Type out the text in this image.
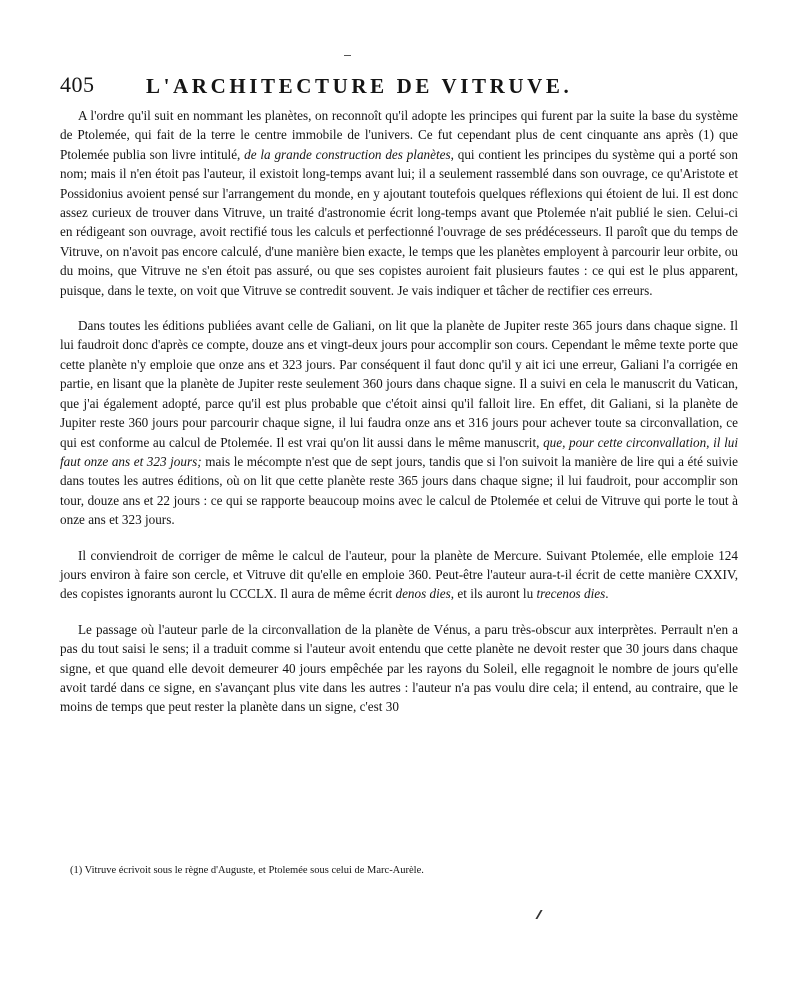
405 L'ARCHITECTURE DE VITRUVE.

A l'ordre qu'il suit en nommant les planètes, on reconnoît qu'il adopte les principes qui furent par la suite la base du système de Ptolemée, qui fait de la terre le centre immobile de l'univers. Ce fut cependant plus de cent cinquante ans après (1) que Ptolemée publia son livre intitulé, de la grande construction des planètes, qui contient les principes du système qui a porté son nom; mais il n'en étoit pas l'auteur, il existoit long-temps avant lui; il a seulement rassemblé dans son ouvrage, ce qu'Aristote et Possidonius avoient pensé sur l'arrangement du monde, en y ajoutant toutefois quelques réflexions qui étoient de lui. Il est donc assez curieux de trouver dans Vitruve, un traité d'astronomie écrit long-temps avant que Ptolemée n'ait publié le sien. Celui-ci en rédigeant son ouvrage, avoit rectifié tous les calculs et perfectionné l'ouvrage de ses prédécesseurs. Il paroît que du temps de Vitruve, on n'avoit pas encore calculé, d'une manière bien exacte, le temps que les planètes employent à parcourir leur orbite, ou du moins, que Vitruve ne s'en étoit pas assuré, ou que ses copistes auroient fait plusieurs fautes : ce qui est le plus apparent, puisque, dans le texte, on voit que Vitruve se contredit souvent. Je vais indiquer et tâcher de rectifier ces erreurs.

Dans toutes les éditions publiées avant celle de Galiani, on lit que la planète de Jupiter reste 365 jours dans chaque signe. Il lui faudroit donc d'après ce compte, douze ans et vingt-deux jours pour accomplir son cours. Cependant le même texte porte que cette planète n'y emploie que onze ans et 323 jours. Par conséquent il faut donc qu'il y ait ici une erreur, Galiani l'a corrigée en partie, en lisant que la planète de Jupiter reste seulement 360 jours dans chaque signe. Il a suivi en cela le manuscrit du Vatican, que j'ai également adopté, parce qu'il est plus probable que c'étoit ainsi qu'il falloit lire. En effet, dit Galiani, si la planète de Jupiter reste 360 jours pour parcourir chaque signe, il lui faudra onze ans et 316 jours pour achever toute sa circonvallation, ce qui est conforme au calcul de Ptolemée. Il est vrai qu'on lit aussi dans le même manuscrit, que, pour cette circonvallation, il lui faut onze ans et 323 jours; mais le mécompte n'est que de sept jours, tandis que si l'on suivoit la manière de lire qui a été suivie dans toutes les autres éditions, où on lit que cette planète reste 365 jours dans chaque signe; il lui faudroit, pour accomplir son tour, douze ans et 22 jours : ce qui se rapporte beaucoup moins avec le calcul de Ptolemée et celui de Vitruve qui porte le tout à onze ans et 323 jours.

Il conviendroit de corriger de même le calcul de l'auteur, pour la planète de Mercure. Suivant Ptolemée, elle emploie 124 jours environ à faire son cercle, et Vitruve dit qu'elle en emploie 360. Peut-être l'auteur aura-t-il écrit de cette manière CXXIV, des copistes ignorants auront lu CCCLX. Il aura de même écrit denos dies, et ils auront lu trecenos dies.

Le passage où l'auteur parle de la circonvallation de la planète de Vénus, a paru très-obscur aux interprètes. Perrault n'en a pas du tout saisi le sens; il a traduit comme si l'auteur avoit entendu que cette planète ne devoit rester que 30 jours dans chaque signe, et que quand elle devoit demeurer 40 jours empêchée par les rayons du Soleil, elle regagnoit le nombre de jours qu'elle avoit tardé dans ce signe, en s'avançant plus vite dans les autres : l'auteur n'a pas voulu dire cela; il entend, au contraire, que le moins de temps que peut rester la planète dans un signe, c'est 30

(1) Vitruve écrivoit sous le règne d'Auguste, et Ptolemée sous celui de Marc-Aurèle.
